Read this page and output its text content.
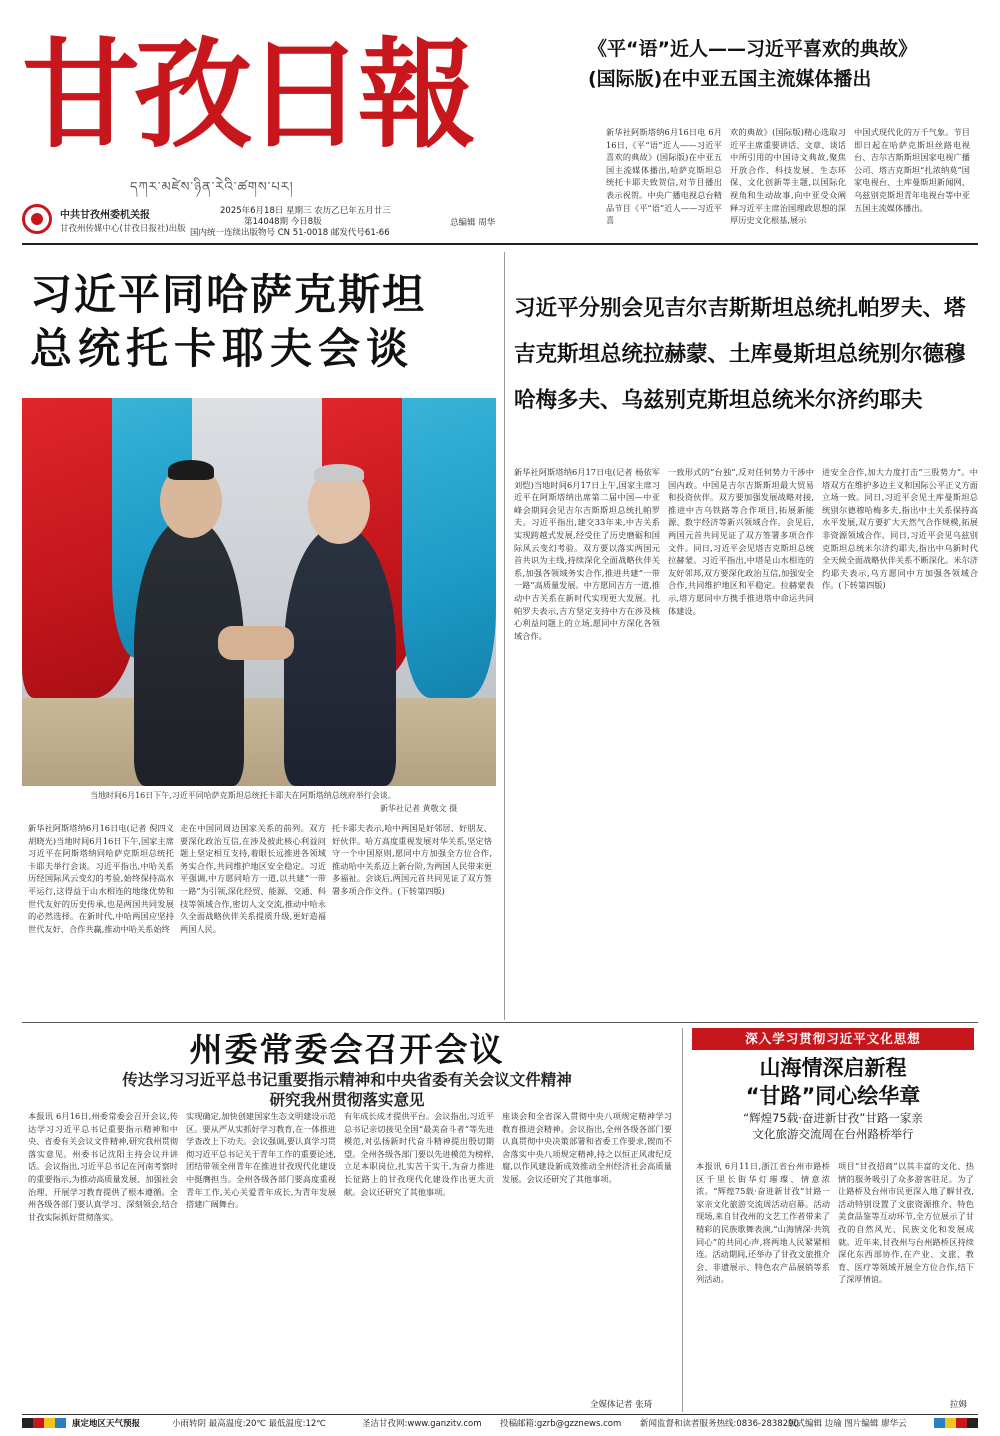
甘孜日報
དཀར་མཛེས་ཉིན་རེའི་ཚགས་པར།
中共甘孜州委机关报
甘孜州传媒中心(甘孜日报社)出版
2025年6月18日 星期三 农历乙巳年五月廿三
第14048期 今日8版
国内统一连续出版物号 CN 51-0018 邮发代号61-66
总编辑 周华
《平“语”近人——习近平喜欢的典故》
(国际版)在中亚五国主流媒体播出
新华社阿斯塔纳6月16日电 6月16日,《平“语”近人——习近平喜欢的典故》(国际版)在中亚五国主流媒体播出,哈萨克斯坦总统托卡耶夫致贺信,对节目播出表示祝贺。中央广播电视总台精品节目《平“语”近人——习近平喜
欢的典故》(国际版)精心选取习近平主席重要讲话、文章、谈话中所引用的中国诗文典故,聚焦开放合作、科技发展、生态环保、文化创新等主题,以国际化视角和生动故事,向中亚受众阐释习近平主席治国理政思想的深厚历史文化根基,展示
中国式现代化的万千气象。节目即日起在哈萨克斯坦丝路电视台、吉尔吉斯斯坦国家电视广播公司、塔吉克斯坦“扎浓纳莫”国家电视台、土库曼斯坦新闻网、乌兹别克斯坦青年电视台等中亚五国主流媒体播出。
习近平同哈萨克斯坦
总统托卡耶夫会谈
当地时间6月16日下午,习近平同哈萨克斯坦总统托卡耶夫在阿斯塔纳总统府举行会谈。
新华社记者 黄敬文 摄
新华社阿斯塔纳6月16日电(记者 倪四义 胡晓光)当地时间6月16日下午,国家主席习近平在阿斯塔纳同哈萨克斯坦总统托卡耶夫举行会谈。习近平指出,中哈关系历经国际风云变幻的考验,始终保持高水平运行,这得益于山水相连的地缘优势和世代友好的历史传承,也是两国共同发展的必然选择。在新时代,中哈两国应坚持世代友好、合作共赢,推动中哈关系始终
走在中国同周边国家关系的前列。双方要深化政治互信,在涉及彼此核心利益问题上坚定相互支持,着眼长远推进各领域务实合作,共同维护地区安全稳定。习近平强调,中方愿同哈方一道,以共建“一带一路”为引领,深化经贸、能源、交通、科技等领域合作,密切人文交流,推动中哈永久全面战略伙伴关系提质升级,更好造福两国人民。
托卡耶夫表示,哈中两国是好邻居、好朋友、好伙伴。哈方高度重视发展对华关系,坚定恪守一个中国原则,愿同中方加强全方位合作,推动哈中关系迈上新台阶,为两国人民带来更多福祉。会谈后,两国元首共同见证了双方签署多项合作文件。(下转第四版)
习近平分别会见吉尔吉斯斯坦总统扎帕罗夫、塔
吉克斯坦总统拉赫蒙、土库曼斯坦总统别尔德穆
哈梅多夫、乌兹别克斯坦总统米尔济约耶夫
新华社阿斯塔纳6月17日电(记者 杨依军 刘恺)当地时间6月17日上午,国家主席习近平在阿斯塔纳出席第二届中国—中亚峰会期间会见吉尔吉斯斯坦总统扎帕罗夫。习近平指出,建交33年来,中吉关系实现跨越式发展,经受住了历史磨砺和国际风云变幻考验。双方要以落实两国元首共识为主线,持续深化全面战略伙伴关系,加强各领域务实合作,推进共建“一带一路”高质量发展。中方愿同吉方一道,推动中吉关系在新时代实现更大发展。扎帕罗夫表示,吉方坚定支持中方在涉及核心利益问题上的立场,愿同中方深化各领域合作。
一致形式的“台独”,反对任何势力干涉中国内政。中国是吉尔吉斯斯坦最大贸易和投资伙伴。双方要加强发展战略对接,推进中吉乌铁路等合作项目,拓展新能源、数字经济等新兴领域合作。会见后,两国元首共同见证了双方签署多项合作文件。同日,习近平会见塔吉克斯坦总统拉赫蒙。习近平指出,中塔是山水相连的友好邻邦,双方要深化政治互信,加强安全合作,共同维护地区和平稳定。拉赫蒙表示,塔方愿同中方携手推进塔中命运共同体建设。
进安全合作,加大力度打击“三股势力”。中塔双方在维护多边主义和国际公平正义方面立场一致。同日,习近平会见土库曼斯坦总统别尔德穆哈梅多夫,指出中土关系保持高水平发展,双方要扩大天然气合作规模,拓展非资源领域合作。同日,习近平会见乌兹别克斯坦总统米尔济约耶夫,指出中乌新时代全天候全面战略伙伴关系不断深化。米尔济约耶夫表示,乌方愿同中方加强各领域合作。(下转第四版)
州委常委会召开会议
传达学习习近平总书记重要指示精神和中央省委有关会议文件精神
研究我州贯彻落实意见
本报讯 6月16日,州委常委会召开会议,传达学习习近平总书记重要指示精神和中央、省委有关会议文件精神,研究我州贯彻落实意见。州委书记沈阳主持会议并讲话。会议指出,习近平总书记在河南考察时的重要指示,为推动高质量发展、加强社会治理、开展学习教育提供了根本遵循。全州各级各部门要认真学习、深刻领会,结合甘孜实际抓好贯彻落实。
实现确定,加快创建国家生态文明建设示范区。要从严从实抓好学习教育,在一体推进学查改上下功夫。会议强调,要认真学习贯彻习近平总书记关于青年工作的重要论述,团结带领全州青年在推进甘孜现代化建设中挺膺担当。全州各级各部门要高度重视青年工作,关心关爱青年成长,为青年发展搭建广阔舞台。
有年成长成才提供平台。会议指出,习近平总书记亲切接见全国“最美奋斗者”等先进模范,对弘扬新时代奋斗精神提出殷切期望。全州各级各部门要以先进模范为榜样,立足本职岗位,扎实苦干实干,为奋力推进长征路上的甘孜现代化建设作出更大贡献。会议还研究了其他事项。
座谈会和全省深入贯彻中央八项规定精神学习教育推进会精神。会议指出,全州各级各部门要认真贯彻中央决策部署和省委工作要求,锲而不舍落实中央八项规定精神,持之以恒正风肃纪反腐,以作风建设新成效推动全州经济社会高质量发展。会议还研究了其他事项。
全媒体记者 张琦
深入学习贯彻习近平文化思想
山海情深启新程
“甘路”同心绘华章
“辉煌75载·奋进新甘孜”甘路一家亲
文化旅游交流周在台州路桥举行
本报讯 6月11日,浙江省台州市路桥区千里长街华灯璀璨、情意浓浓。“辉煌75载·奋进新甘孜”甘路一家亲文化旅游交流周活动启幕。活动现场,来自甘孜州的文艺工作者带来了精彩的民族歌舞表演,“山海情深·共筑同心”的共同心声,将两地人民紧紧相连。活动期间,还举办了甘孜文旅推介会、非遗展示、特色农产品展销等系列活动。
项目“甘孜招商”以其丰富的文化、热情的服务吸引了众多游客驻足。为了让路桥及台州市民更深入地了解甘孜,活动特别设置了文旅资源推介、特色美食品鉴等互动环节,全方位展示了甘孜的自然风光、民族文化和发展成就。近年来,甘孜州与台州路桥区持续深化东西部协作,在产业、文旅、教育、医疗等领域开展全方位合作,结下了深厚情谊。
拉姆
康定地区天气预报	小雨转阴 最高温度:20℃ 最低温度:12℃	圣洁甘孜网:www.ganzitv.com 投稿邮箱:gzrb@gzznews.com 新闻监督和读者服务热线:0836-2838290
版式编辑 边瑜 图片编辑 廖华云
